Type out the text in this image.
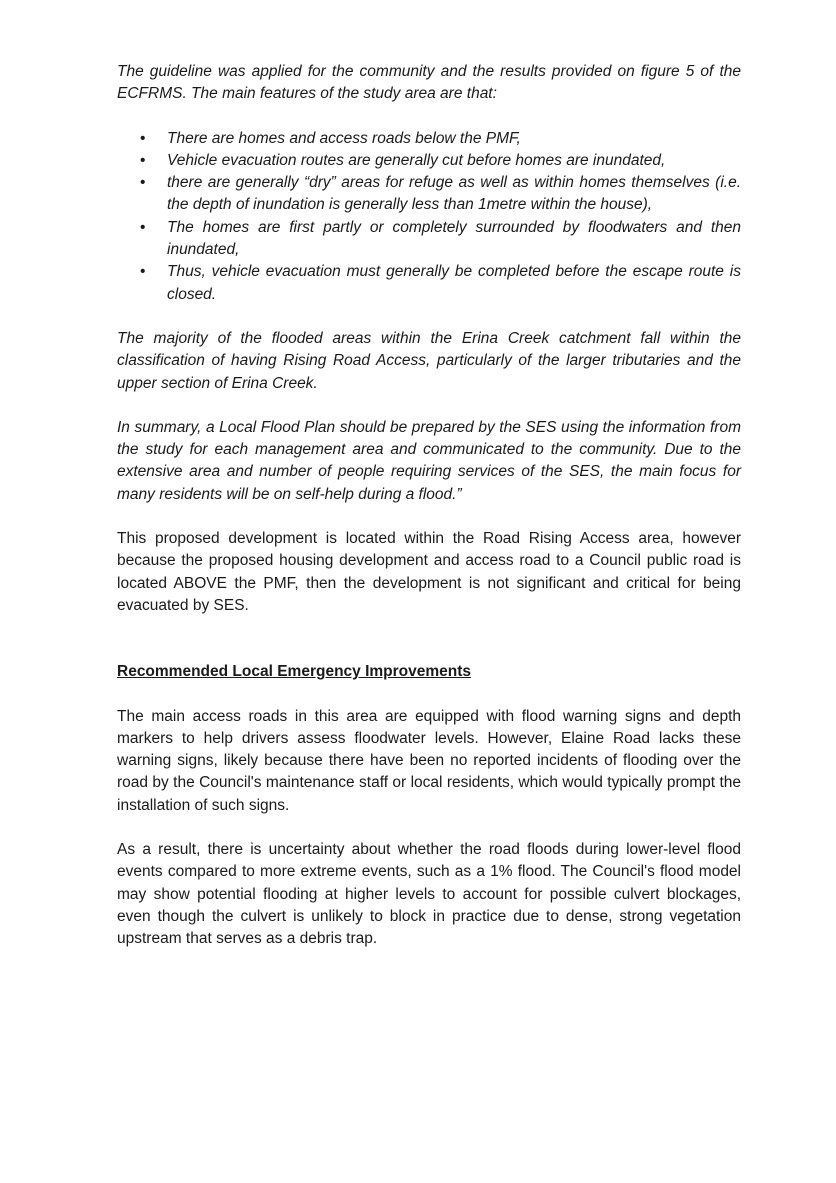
The guideline was applied for the community and the results provided on figure 5 of the ECFRMS. The main features of the study area are that:

• There are homes and access roads below the PMF,
• Vehicle evacuation routes are generally cut before homes are inundated,
• there are generally “dry” areas for refuge as well as within homes themselves (i.e. the depth of inundation is generally less than 1metre within the house),
• The homes are first partly or completely surrounded by floodwaters and then inundated,
• Thus, vehicle evacuation must generally be completed before the escape route is closed.

The majority of the flooded areas within the Erina Creek catchment fall within the classification of having Rising Road Access, particularly of the larger tributaries and the upper section of Erina Creek.

In summary, a Local Flood Plan should be prepared by the SES using the information from the study for each management area and communicated to the community. Due to the extensive area and number of people requiring services of the SES, the main focus for many residents will be on self-help during a flood.”

This proposed development is located within the Road Rising Access area, however because the proposed housing development and access road to a Council public road is located ABOVE the PMF, then the development is not significant and critical for being evacuated by SES.

Recommended Local Emergency Improvements

The main access roads in this area are equipped with flood warning signs and depth markers to help drivers assess floodwater levels. However, Elaine Road lacks these warning signs, likely because there have been no reported incidents of flooding over the road by the Council's maintenance staff or local residents, which would typically prompt the installation of such signs.

As a result, there is uncertainty about whether the road floods during lower-level flood events compared to more extreme events, such as a 1% flood. The Council's flood model may show potential flooding at higher levels to account for possible culvert blockages, even though the culvert is unlikely to block in practice due to dense, strong vegetation upstream that serves as a debris trap.
